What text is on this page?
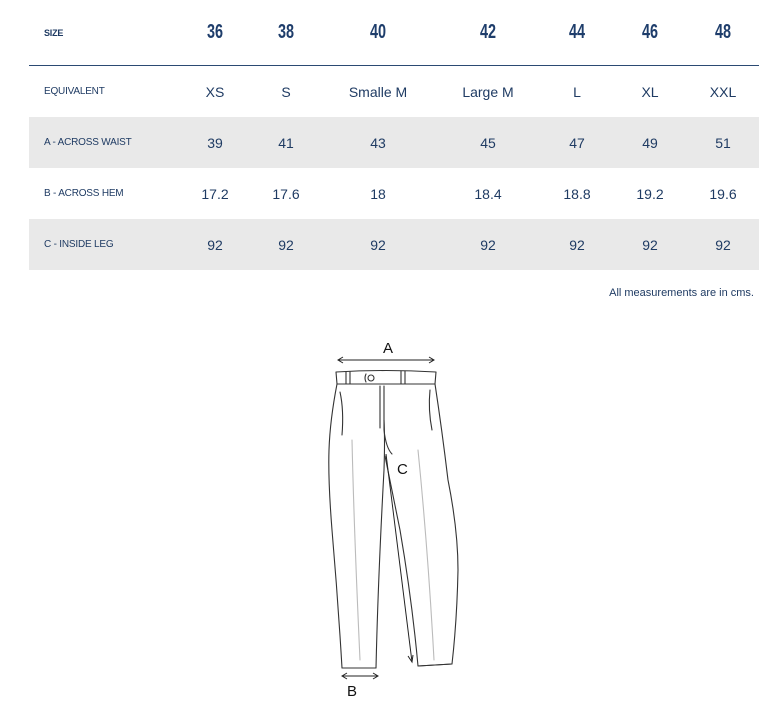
SIZE	36	38	40	42	44	46	48
EQUIVALENT	XS	S	Smalle M	Large M	L	XL	XXL
A - ACROSS WAIST	39	41	43	45	47	49	51
B - ACROSS HEM	17.2	17.6	18	18.4	18.8	19.2	19.6
C - INSIDE LEG	92	92	92	92	92	92	92
All measurements are in cms.
A
B
C
